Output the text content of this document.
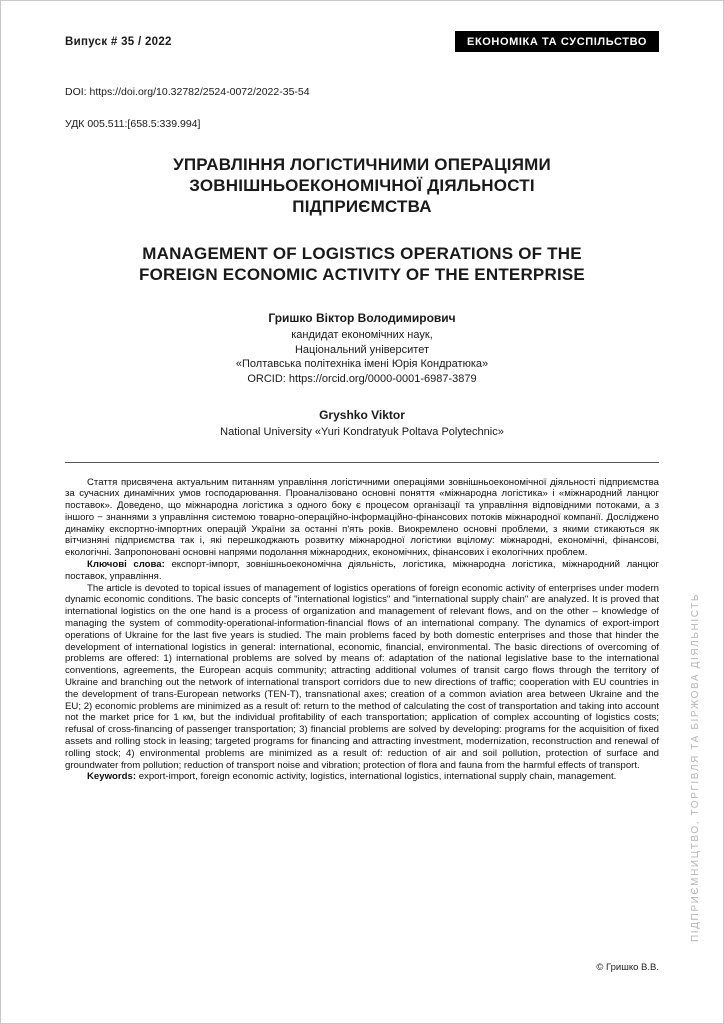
Випуск # 35 / 2022	ЕКОНОМІКА ТА СУСПІЛЬСТВО
DOI: https://doi.org/10.32782/2524-0072/2022-35-54
УДК 005.511:[658.5:339.994]
УПРАВЛІННЯ ЛОГІСТИЧНИМИ ОПЕРАЦІЯМИ ЗОВНІШНЬОЕКОНОМІЧНОЇ ДІЯЛЬНОСТІ ПІДПРИЄМСТВА
MANAGEMENT OF LOGISTICS OPERATIONS OF THE FOREIGN ECONOMIC ACTIVITY OF THE ENTERPRISE
Гришко Віктор Володимирович
кандидат економічних наук,
Національний університет
«Полтавська політехніка імені Юрія Кондратюка»
ORCID: https://orcid.org/0000-0001-6987-3879
Gryshko Viktor
National University «Yuri Kondratyuk Poltava Polytechnic»

Стаття присвячена актуальним питанням управління логістичними операціями зовнішньоекономічної діяльності підприємства за сучасних динамічних умов господарювання. Проаналізовано основні поняття «міжнародна логістика» і «міжнародний ланцюг поставок». Доведено, що міжнародна логістика з одного боку є процесом організації та управління відповідними потоками, а з іншого − знаннями з управління системою товарно-операційно-інформаційно-фінансових потоків міжнародної компанії. Досліджено динаміку експортно-імпортних операцій України за останні п'ять років. Виокремлено основні проблеми, з якими стикаються як вітчизняні підприємства так і, які перешкоджають розвитку міжнародної логістики вцілому: міжнародні, економічні, фінансові, екологічні. Запропоновані основні напрями подолання міжнародних, економічних, фінансових і екологічних проблем.

Ключові слова: експорт-імпорт, зовнішньоекономічна діяльність, логістика, міжнародна логістика, міжнародний ланцюг поставок, управління.

The article is devoted to topical issues of management of logistics operations of foreign economic activity of enterprises under modern dynamic economic conditions. The basic concepts of "international logistics" and "international supply chain" are analyzed. It is proved that international logistics on the one hand is a process of organization and management of relevant flows, and on the other – knowledge of managing the system of commodity-operational-information-financial flows of an international company. The dynamics of export-import operations of Ukraine for the last five years is studied. The main problems faced by both domestic enterprises and those that hinder the development of international logistics in general: international, economic, financial, environmental. The basic directions of overcoming of problems are offered: 1) international problems are solved by means of: adaptation of the national legislative base to the international conventions, agreements, the European acquis community; attracting additional volumes of transit cargo flows through the territory of Ukraine and branching out the network of international transport corridors due to new directions of traffic; cooperation with EU countries in the development of trans-European networks (TEN-T), transnational axes; creation of a common aviation area between Ukraine and the EU; 2) economic problems are minimized as a result of: return to the method of calculating the cost of transportation and taking into account not the market price for 1 км, but the individual profitability of each transportation; application of complex accounting of logistics costs; refusal of cross-financing of passenger transportation; 3) financial problems are solved by developing: programs for the acquisition of fixed assets and rolling stock in leasing; targeted programs for financing and attracting investment, modernization, reconstruction and renewal of rolling stock; 4) environmental problems are minimized as a result of: reduction of air and soil pollution, protection of surface and groundwater from pollution; reduction of transport noise and vibration; protection of flora and fauna from the harmful effects of transport.

Keywords: export-import, foreign economic activity, logistics, international logistics, international supply chain, management.	ПІДПРИЄМНИЦТВО, ТОРГІВЛЯ ТА БІРЖОВА ДІЯЛЬНІСТЬ
© Гришко В.В.
